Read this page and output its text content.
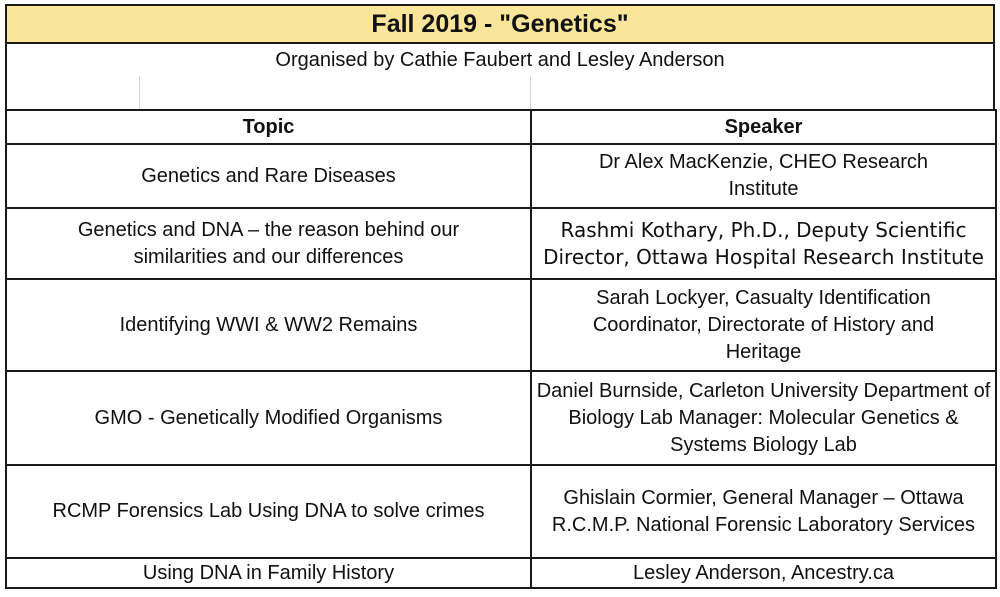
Fall 2019 - "Genetics"
Organised by Cathie Faubert and Lesley Anderson
Topic	Speaker
Genetics and Rare Diseases	Dr Alex MacKenzie, CHEO Research Institute
Genetics and DNA – the reason behind our similarities and our differences	Rashmi Kothary, Ph.D., Deputy Scientific Director, Ottawa Hospital Research Institute
Identifying WWI & WW2 Remains	Sarah Lockyer, Casualty Identification Coordinator, Directorate of History and Heritage
GMO - Genetically Modified Organisms	Daniel Burnside, Carleton University Department of Biology Lab Manager: Molecular Genetics & Systems Biology Lab
RCMP Forensics Lab Using DNA to solve crimes	Ghislain Cormier, General Manager – Ottawa R.C.M.P. National Forensic Laboratory Services
Using DNA in Family History	Lesley Anderson, Ancestry.ca
